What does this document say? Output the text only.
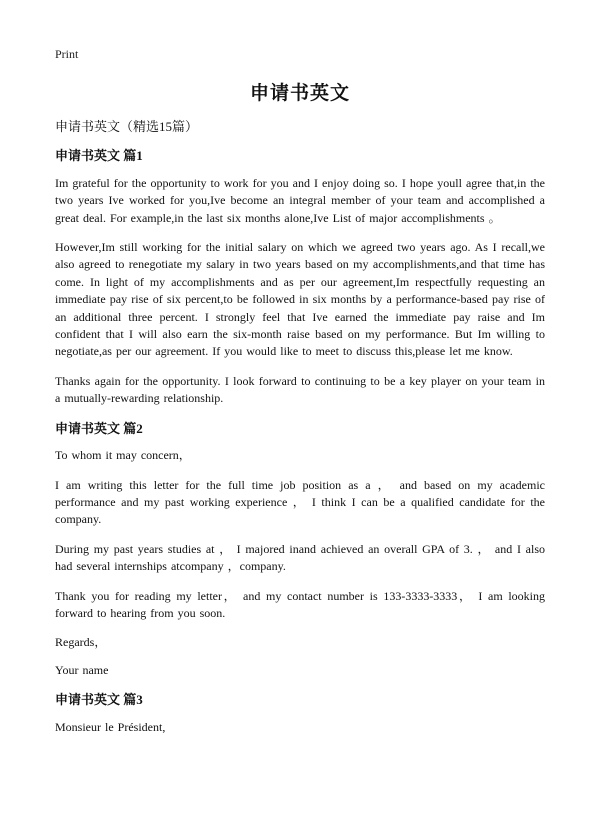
Print
申请书英文

申请书英文（精选15篇）

申请书英文 篇1

Im grateful for the opportunity to work for you and I enjoy doing so. I hope youll agree that,in the two years Ive worked for you,Ive become an integral member of your team and accomplished a great deal. For example,in the last six months alone,Ive List of major accomplishments 。

However,Im still working for the initial salary on which we agreed two years ago. As I recall,we also agreed to renegotiate my salary in two years based on my accomplishments,and that time has come. In light of my accomplishments and as per our agreement,Im respectfully requesting an immediate pay rise of six percent,to be followed in six months by a performance-based pay rise of an additional three percent. I strongly feel that Ive earned the immediate pay raise and Im confident that I will also earn the six-month raise based on my performance. But Im willing to negotiate,as per our agreement. If you would like to meet to discuss this,please let me know.

Thanks again for the opportunity. I look forward to continuing to be a key player on your team in a mutually-rewarding relationship.

申请书英文 篇2

To whom it may concern，

I am writing this letter for the full time job position as a ， and based on my academic performance and my past working experience ， I think I can be a qualified candidate for the company.

During my past years studies at ， I majored inand achieved an overall GPA of 3. ， and I also had several internships atcompany ，company.

Thank you for reading my letter， and my contact number is 133-3333-3333， I am looking forward to hearing from you soon.

Regards，

Your name

申请书英文 篇3

Monsieur le Président,
